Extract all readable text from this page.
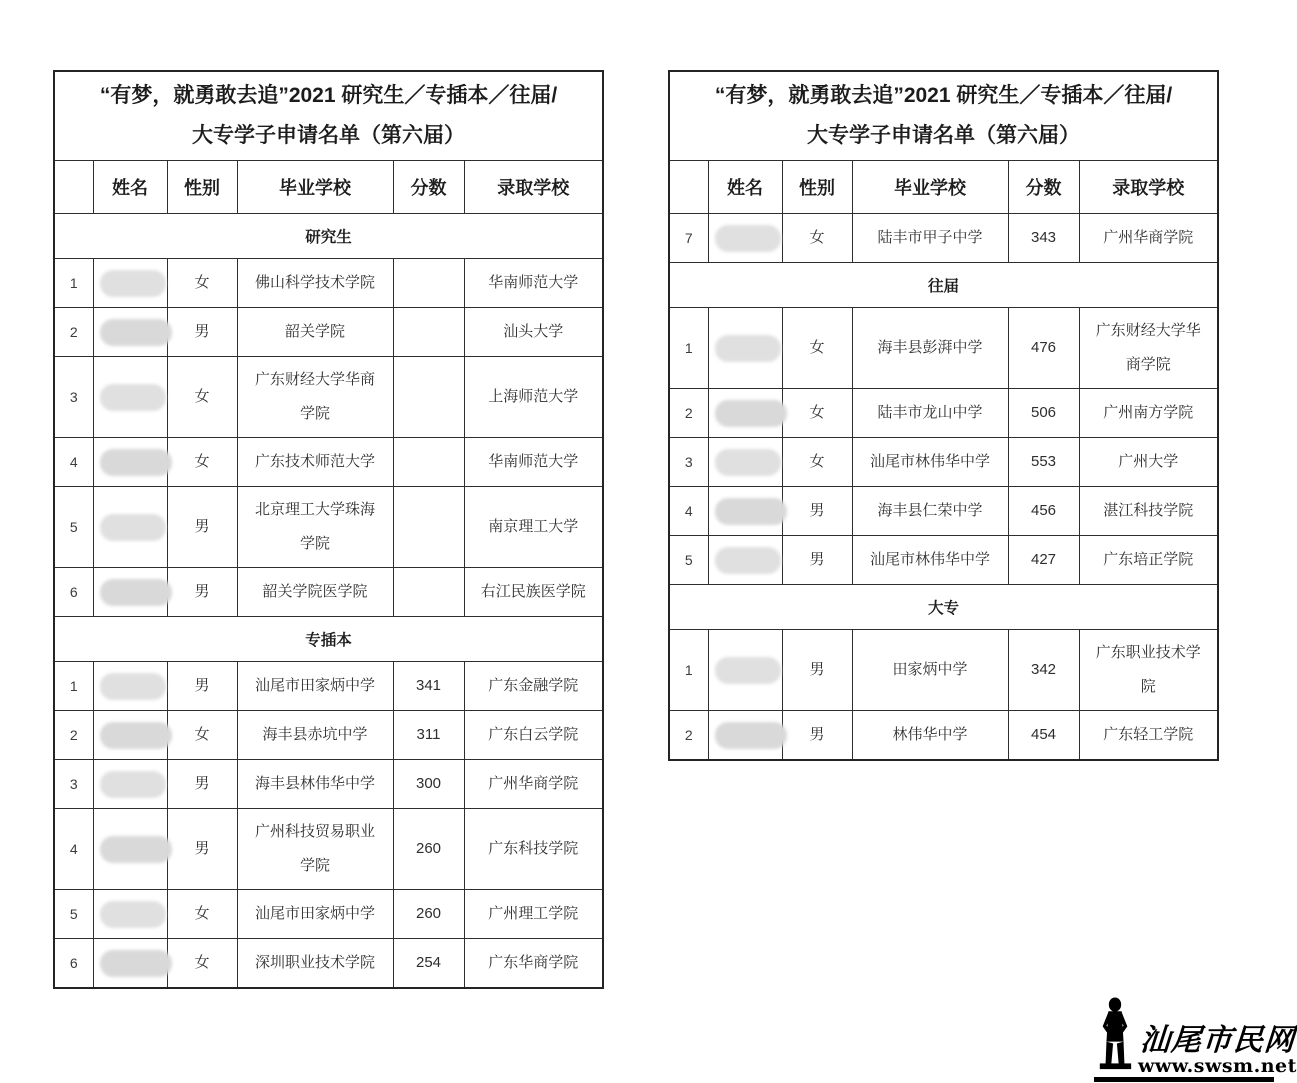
“有梦，就勇敢去追”2021 研究生／专插本／往届/
大专学子申请名单（第六届）					

	姓名	性别	毕业学校	分数	录取学校
研究生					
1		女	佛山科学技术学院		华南师范大学
2		男	韶关学院		汕头大学
3		女	广东财经大学华商
学院		上海师范大学
4		女	广东技术师范大学		华南师范大学
5		男	北京理工大学珠海
学院		南京理工大学
6		男	韶关学院医学院		右江民族医学院
专插本					
1		男	汕尾市田家炳中学	341	广东金融学院
2		女	海丰县赤坑中学	311	广东白云学院
3		男	海丰县林伟华中学	300	广州华商学院
4		男	广州科技贸易职业
学院	260	广东科技学院
5		女	汕尾市田家炳中学	260	广州理工学院
6		女	深圳职业技术学院	254	广东华商学院
“有梦，就勇敢去追”2021 研究生／专插本／往届/
大专学子申请名单（第六届）					

	姓名	性别	毕业学校	分数	录取学校
7		女	陆丰市甲子中学	343	广州华商学院
往届					
1		女	海丰县彭湃中学	476	广东财经大学华
商学院
2		女	陆丰市龙山中学	506	广州南方学院
3		女	汕尾市林伟华中学	553	广州大学
4		男	海丰县仁荣中学	456	湛江科技学院
5		男	汕尾市林伟华中学	427	广东培正学院
大专					
1		男	田家炳中学	342	广东职业技术学
院
2		男	林伟华中学	454	广东轻工学院
汕尾市民网
www.swsm.net
